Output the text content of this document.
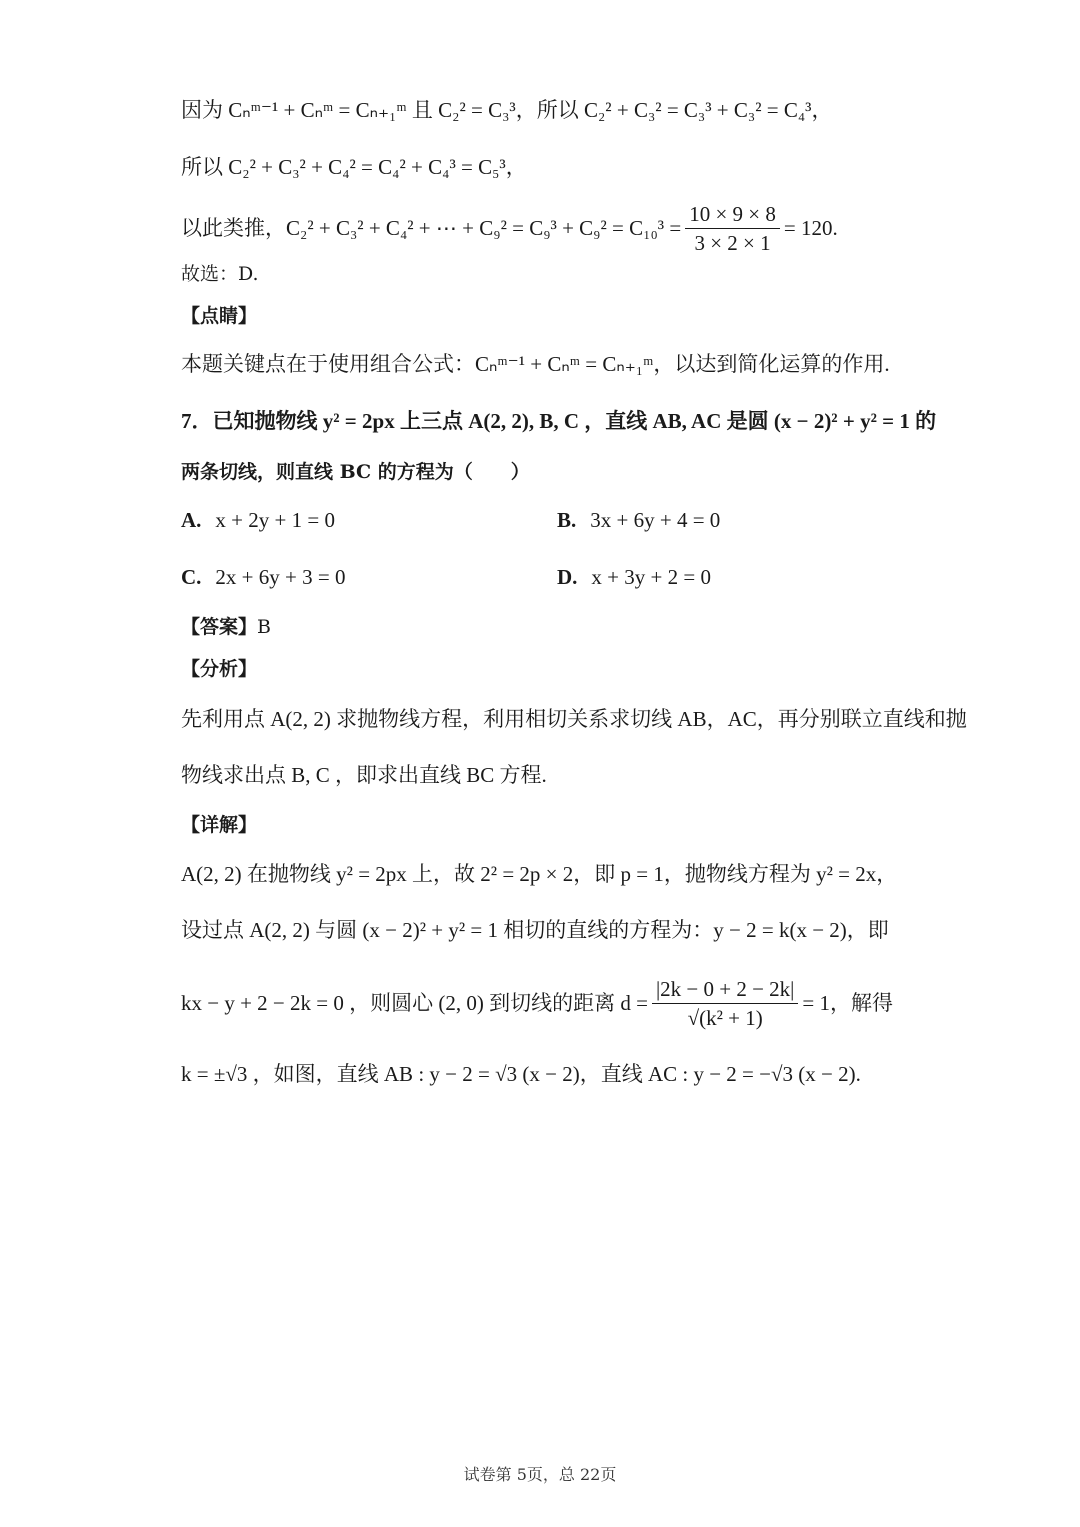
因为 Cₙᵐ⁻¹ + Cₙᵐ = Cₙ₊₁ᵐ 且 C₂² = C₃³，所以 C₂² + C₃² = C₃³ + C₃² = C₄³，
所以 C₂² + C₃² + C₄² = C₄² + C₄³ = C₅³，
以此类推，C₂² + C₃² + C₄² + ⋯ + $C_9^2 = C_9^3 + C_9^2 = C_{10}^3 = \frac{10 \times 9 \times 8}{3 \times 2 \times 1} = 120$.
故选：D.
【点睛】
本题关键点在于使用组合公式：Cₙᵐ⁻¹ + Cₙᵐ = Cₙ₊₁ᵐ，以达到简化运算的作用.
7．已知抛物线 y² = 2px 上三点 A(2, 2), B, C ，直线 AB, AC 是圆 (x − 2)² + y² = 1 的
两条切线，则直线 BC 的方程为（　　）
A. x + 2y + 1 = 0	B. 3x + 6y + 4 = 0
C. 2x + 6y + 3 = 0	D. x + 3y + 2 = 0
【答案】 B
【分析】
先利用点 A(2, 2) 求抛物线方程，利用相切关系求切线 AB，AC，再分别联立直线和抛
物线求出点 B, C ，即求出直线 BC 方程.
【详解】
A(2, 2) 在抛物线 y² = 2px 上，故 2² = 2p × 2，即 p = 1，抛物线方程为 y² = 2x，
设过点 A(2, 2) 与圆 (x − 2)² + y² = 1 相切的直线的方程为：y − 2 = k(x − 2)，即
kx − y + 2 − 2k = 0 ，则圆心 (2, 0) 到切线的距离 $d = \frac{|2k - 0 + 2 - 2k|}{\text{√(k² + 1)}} = 1$，解得
k = ±√3 ，如图，直线 AB : y − 2 = √3 (x − 2)，直线 AC : y − 2 = −√3 (x − 2).
试卷第 5页，总 22页
